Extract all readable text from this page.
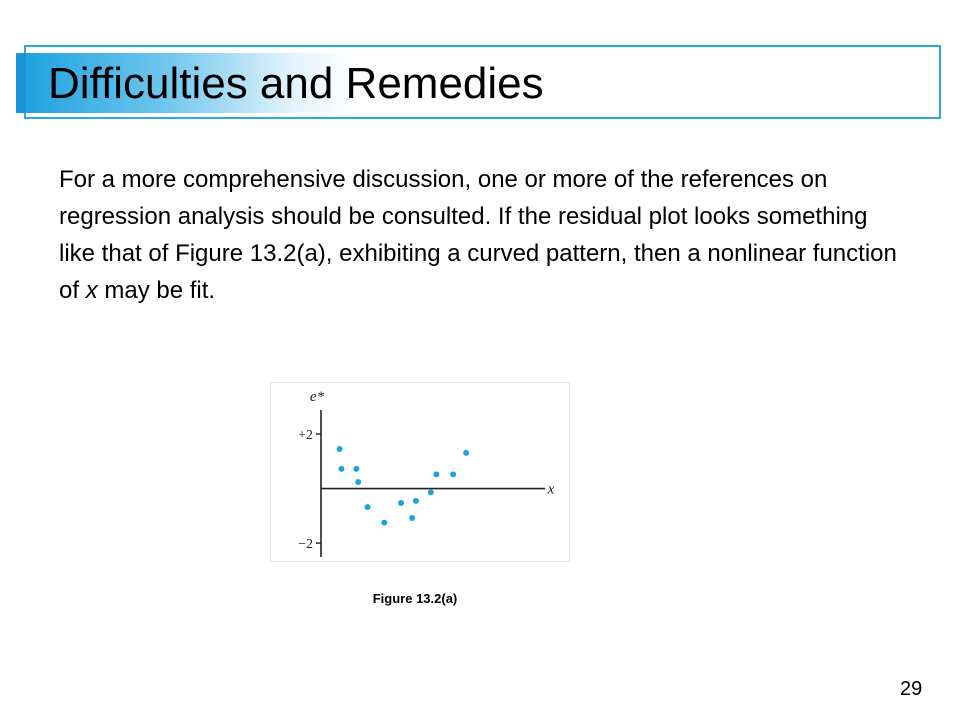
Difficulties and Remedies

For a more comprehensive discussion, one or more of the references on regression analysis should be consulted. If the residual plot looks something like that of Figure 13.2(a), exhibiting a curved pattern, then a nonlinear function of x may be fit.

e*
x
+2
−2

Figure 13.2(a)

29
